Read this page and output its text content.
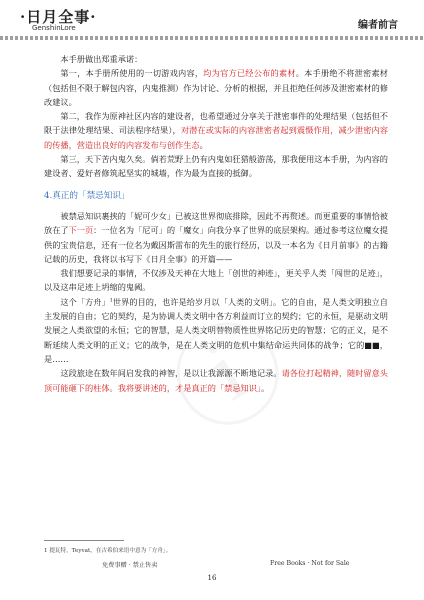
·日月全事·
GenshinLore	编者前言

本手册做出郑重承诺：

第一，本手册所使用的一切游戏内容，均为官方已经公布的素材。本手册绝不将泄密素材（包括但不限于解包内容，内鬼推测）作为讨论、分析的根据，并且拒绝任何涉及泄密素材的修改建议。

第二，我作为原神社区内容的建设者，也希望通过分享关于泄密事件的处理结果（包括但不限于法律处理结果、司法程序结果），对潜在或实际的内容泄密者起到震慑作用，减少泄密内容的传播，营造出良好的内容发布与创作生态。

第三，天下苦内鬼久矣。倘若荒野上仍有内鬼如狂猎般游荡，那我便用这本手册，为内容的建设者、爱好者修筑起坚实的城墙，作为最为直接的抵御。

4.真正的「禁忌知识」

被禁忌知识裹挟的「妮可少女」已被这世界彻底排除，因此不再赘述。而更重要的事情恰被放在了下一页：一位名为「尼可」的「魔女」向我分享了世界的底层架构。通过参考这位魔女提供的宝贵信息，还有一位名为戴因斯雷布的先生的旅行经历，以及一本名为《日月前事》的古籍记载的历史，我将以书写下《日月全事》的开篇——

我们想要记录的事情，不仅涉及天神在大地上「创世的神迹」，更关乎人类「闯世的足迹」，以及这串足迹上坍缩的鬼阈。

这个「方舟」$^1$世界的目的，也许是给岁月以「人类的文明」。它的自由，是人类文明独立自主发展的自由；它的契约，是为协调人类文明中各方利益而订立的契约；它的永恒，是驱动文明发展之人类欲望的永恒；它的智慧，是人类文明替物质性世界铭记历史的智慧；它的正义，是不断延续人类文明的正义；它的战争，是在人类文明的危机中集结命运共同体的战争；它的■■，是……

这段旅途在数年间启发我的神智，是以让我源源不断地记录。请各位打起精神，随时留意头顶可能砸下的柱体。我将要讲述的，才是真正的「禁忌知识」。

1 提瓦特，Teyvat，在古希伯来语中意为「方舟」。
免费事赠 · 禁止售卖	Free Books · Not for Sale
16
